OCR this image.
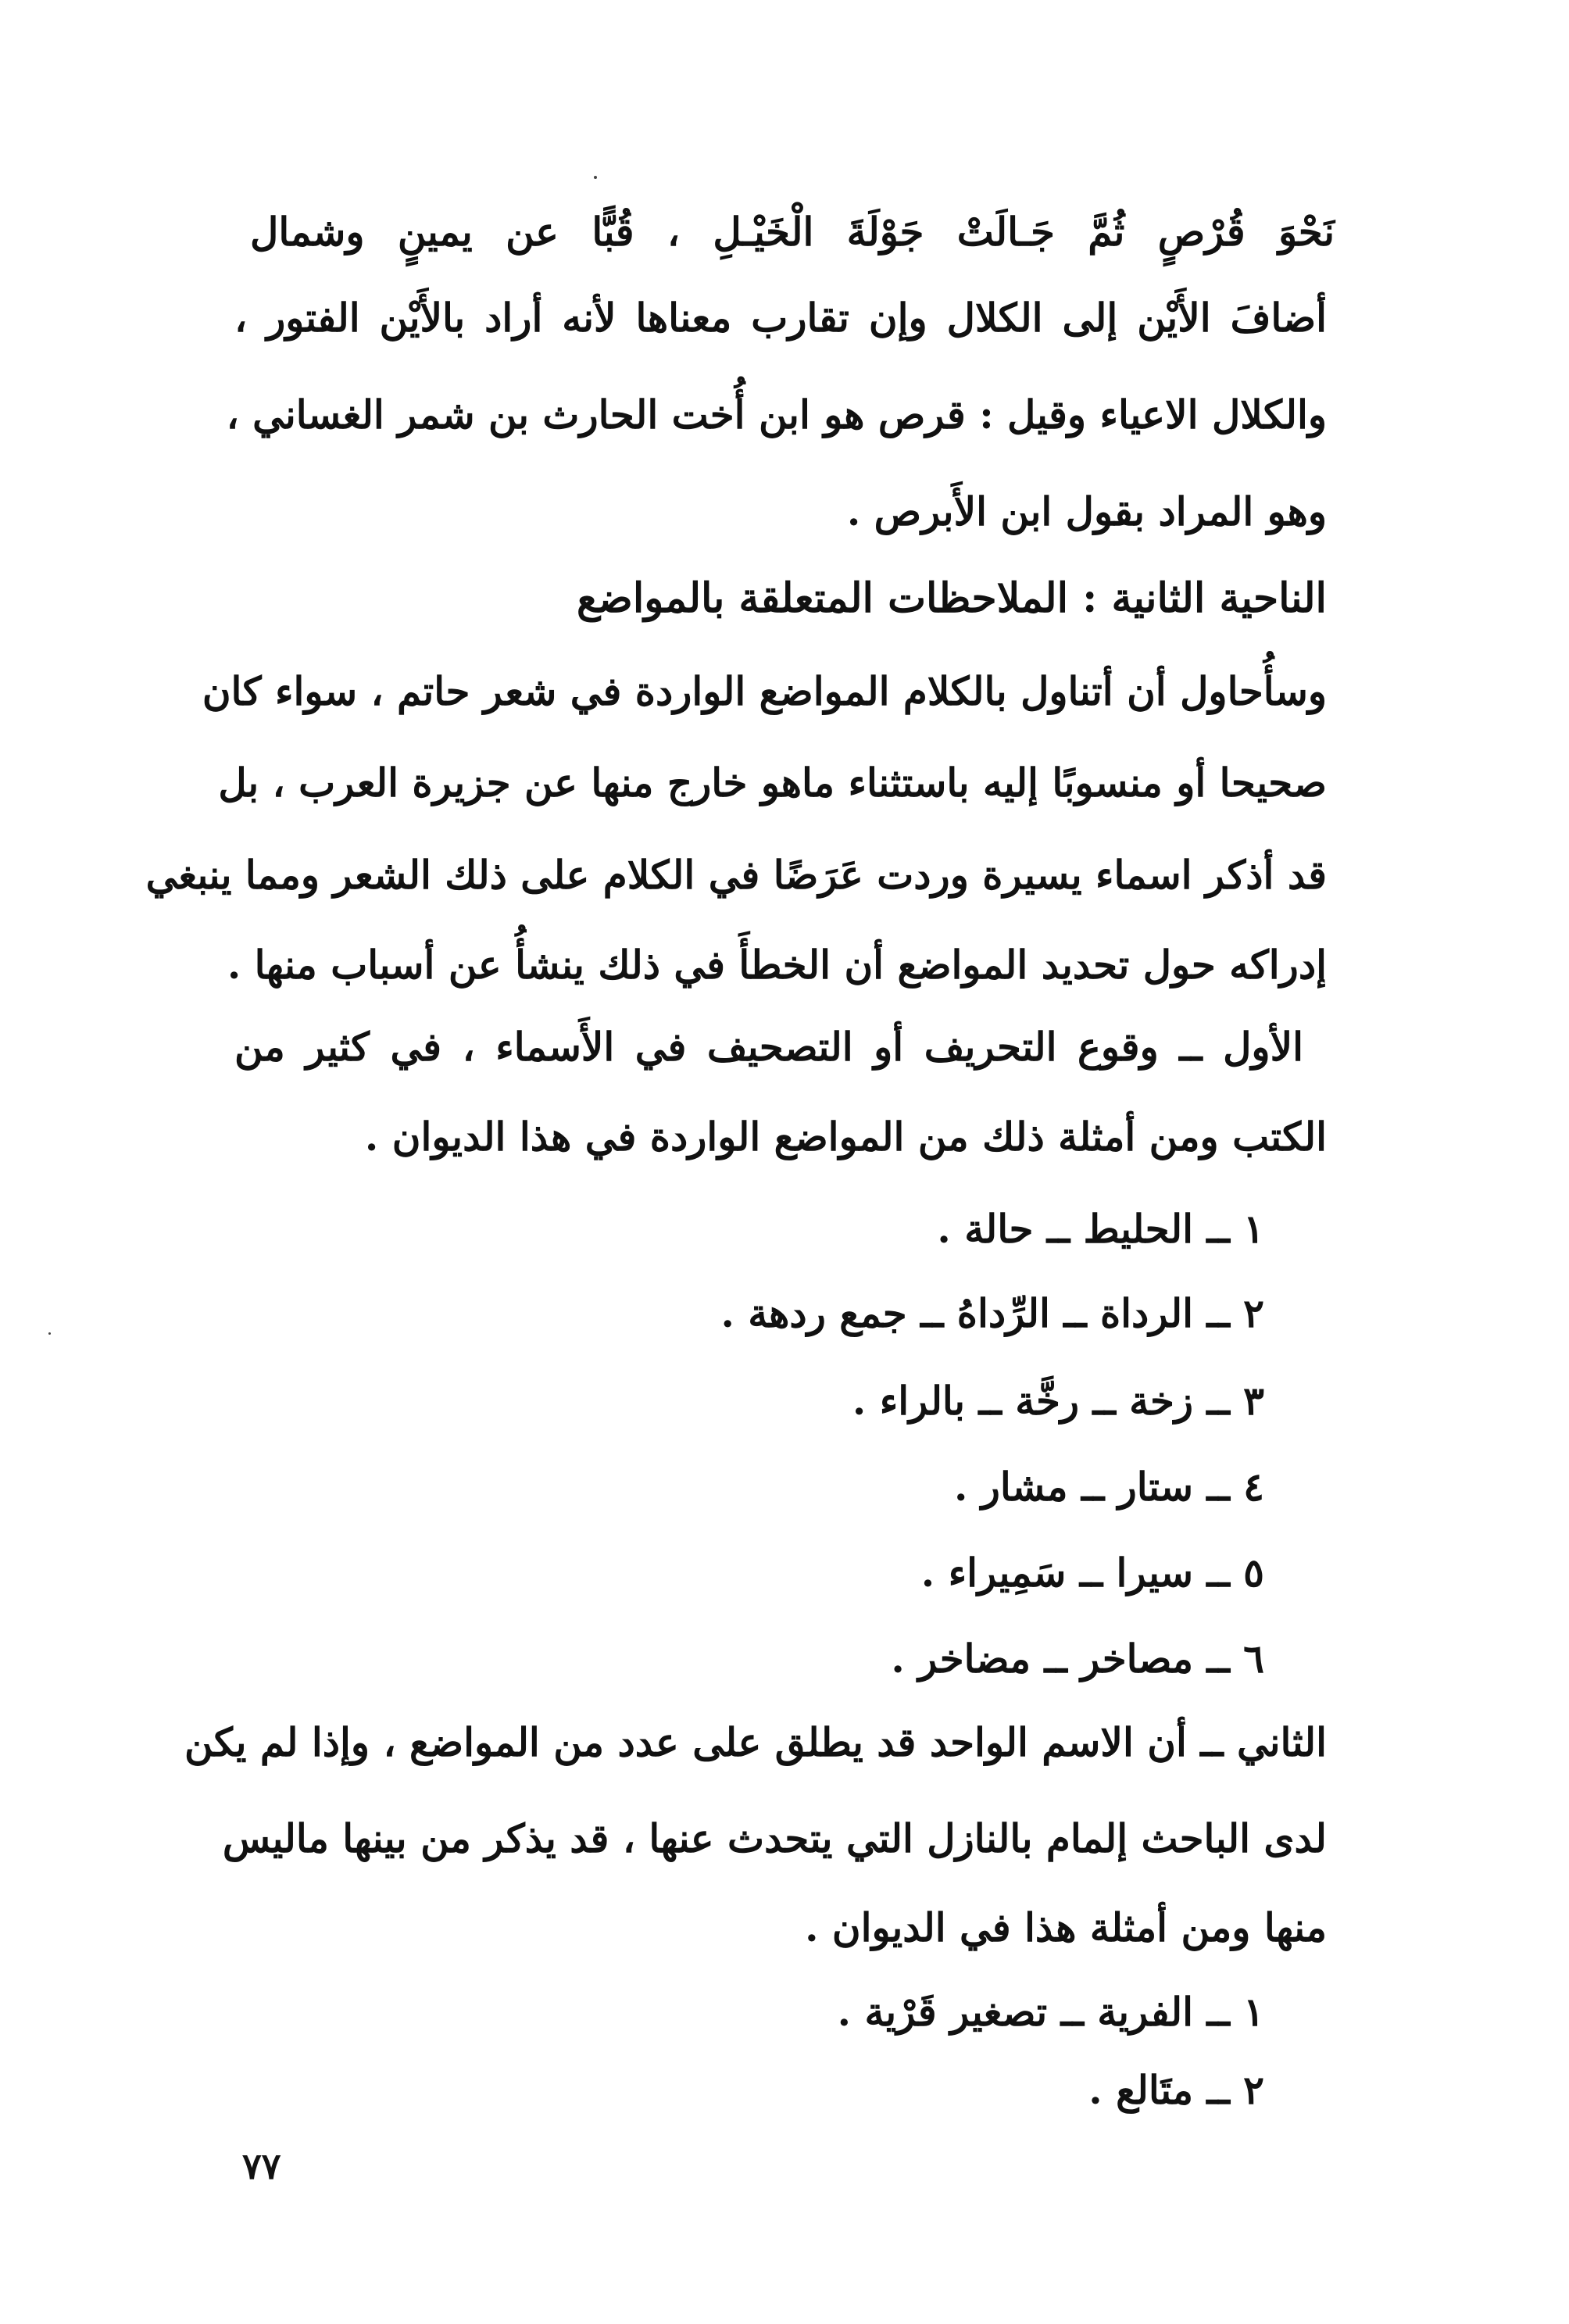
نَحْوَ قُرْصٍ ثُمَّ جَـالَتْ جَوْلَةَ الْخَيْـلِ ، قُبًّا عن يمينٍ وشمال
أضافَ الأَيْن إلى الكلال وإن تقارب معناها لأنه أراد بالأَيْن الفتور ،
والكلال الاعياء وقيل : قرص هو ابن أُخت الحارث بن شمر الغساني ،
وهو المراد بقول ابن الأَبرص .
الناحية الثانية : الملاحظات المتعلقة بالمواضع
وسأُحاول أن أتناول بالكلام المواضع الواردة في شعر حاتم ، سواء كان
صحيحا أو منسوبًا إليه باستثناء ماهو خارج منها عن جزيرة العرب ، بل
قد أذكر اسماء يسيرة وردت عَرَضًا في الكلام على ذلك الشعر ومما ينبغي
إدراكه حول تحديد المواضع أن الخطأَ في ذلك ينشأُ عن أسباب منها .
الأول ــ وقوع التحريف أو التصحيف في الأَسماء ، في كثير من
الكتب ومن أمثلة ذلك من المواضع الواردة في هذا الديوان .
١ ــ الحليط ــ حالة .
٢ ــ الرداة ــ الرِّداهُ ــ جمع ردهة .
٣ ــ زخة ــ رخَّة ــ بالراء .
٤ ــ ستار ــ مشار .
٥ ــ سيرا ــ سَمِيراء .
٦ ــ مصاخر ــ مضاخر .
الثاني ــ أن الاسم الواحد قد يطلق على عدد من المواضع ، وإذا لم يكن
لدى الباحث إلمام بالنازل التي يتحدث عنها ، قد يذكر من بينها ماليس
منها ومن أمثلة هذا في الديوان .
١ ــ الفرية ــ تصغير قَرْية .
٢ ــ متَالع .
٧٧
